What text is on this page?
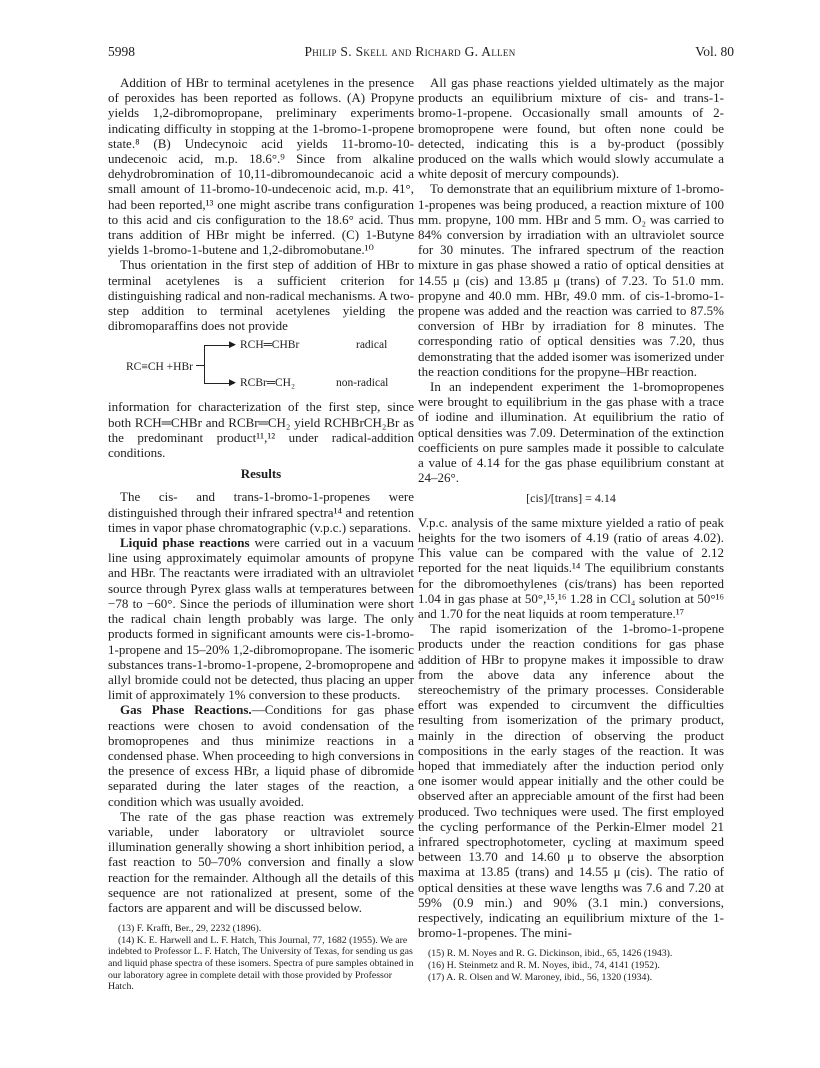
5998	Philip S. Skell and Richard G. Allen	Vol. 80

Addition of HBr to terminal acetylenes in the presence of peroxides has been reported as follows. (A) Propyne yields 1,2-dibromopropane, preliminary experiments indicating difficulty in stopping at the 1-bromo-1-propene state.⁸ (B) Undecynoic acid yields 11-bromo-10-undecenoic acid, m.p. 18.6°.⁹ Since from alkaline dehydrobromination of 10,11-dibromoundecanoic acid a small amount of 11-bromo-10-undecenoic acid, m.p. 41°, had been reported,¹³ one might ascribe trans configuration to this acid and cis configuration to the 18.6° acid. Thus trans addition of HBr might be inferred. (C) 1-Butyne yields 1-bromo-1-butene and 1,2-dibromobutane.¹⁰

Thus orientation in the first step of addition of HBr to terminal acetylenes is a sufficient criterion for distinguishing radical and non-radical mechanisms. A two-step addition to terminal acetylenes yielding the dibromoparaffins does not provide

RC≡CH +HBr
▶
▶
RCH═CHBr	radical
RCBr═CH₂	non-radical

information for characterization of the first step, since both RCH═CHBr and RCBr═CH₂ yield RCHBrCH₂Br as the predominant product¹¹,¹² under radical-addition conditions.

Results

The cis- and trans-1-bromo-1-propenes were distinguished through their infrared spectra¹⁴ and retention times in vapor phase chromatographic (v.p.c.) separations.

Liquid phase reactions were carried out in a vacuum line using approximately equimolar amounts of propyne and HBr. The reactants were irradiated with an ultraviolet source through Pyrex glass walls at temperatures between −78 to −60°. Since the periods of illumination were short the radical chain length probably was large. The only products formed in significant amounts were cis-1-bromo-1-propene and 15–20% 1,2-dibromopropane. The isomeric substances trans-1-bromo-1-propene, 2-bromopropene and allyl bromide could not be detected, thus placing an upper limit of approximately 1% conversion to these products.

Gas Phase Reactions.—Conditions for gas phase reactions were chosen to avoid condensation of the bromopropenes and thus minimize reactions in a condensed phase. When proceeding to high conversions in the presence of excess HBr, a liquid phase of dibromide separated during the later stages of the reaction, a condition which was usually avoided.

The rate of the gas phase reaction was extremely variable, under laboratory or ultraviolet source illumination generally showing a short inhibition period, a fast reaction to 50–70% conversion and finally a slow reaction for the remainder. Although all the details of this sequence are not rationalized at present, some of the factors are apparent and will be discussed below.

(13) F. Krafft, Ber., 29, 2232 (1896).

(14) K. E. Harwell and L. F. Hatch, This Journal, 77, 1682 (1955). We are indebted to Professor L. F. Hatch, The University of Texas, for sending us gas and liquid phase spectra of these isomers. Spectra of pure samples obtained in our laboratory agree in complete detail with those provided by Professor Hatch.

All gas phase reactions yielded ultimately as the major products an equilibrium mixture of cis- and trans-1-bromo-1-propene. Occasionally small amounts of 2-bromopropene were found, but often none could be detected, indicating this is a by-product (possibly produced on the walls which would slowly accumulate a white deposit of mercury compounds).

To demonstrate that an equilibrium mixture of 1-bromo-1-propenes was being produced, a reaction mixture of 100 mm. propyne, 100 mm. HBr and 5 mm. O₂ was carried to 84% conversion by irradiation with an ultraviolet source for 30 minutes. The infrared spectrum of the reaction mixture in gas phase showed a ratio of optical densities at 14.55 μ (cis) and 13.85 μ (trans) of 7.23. To 51.0 mm. propyne and 40.0 mm. HBr, 49.0 mm. of cis-1-bromo-1-propene was added and the reaction was carried to 87.5% conversion of HBr by irradiation for 8 minutes. The corresponding ratio of optical densities was 7.20, thus demonstrating that the added isomer was isomerized under the reaction conditions for the propyne–HBr reaction.

In an independent experiment the 1-bromopropenes were brought to equilibrium in the gas phase with a trace of iodine and illumination. At equilibrium the ratio of optical densities was 7.09. Determination of the extinction coefficients on pure samples made it possible to calculate a value of 4.14 for the gas phase equilibrium constant at 24–26°.

[cis]/[trans] = 4.14

V.p.c. analysis of the same mixture yielded a ratio of peak heights for the two isomers of 4.19 (ratio of areas 4.02). This value can be compared with the value of 2.12 reported for the neat liquids.¹⁴ The equilibrium constants for the dibromoethylenes (cis/trans) has been reported 1.04 in gas phase at 50°,¹⁵,¹⁶ 1.28 in CCl₄ solution at 50°¹⁶ and 1.70 for the neat liquids at room temperature.¹⁷

The rapid isomerization of the 1-bromo-1-propene products under the reaction conditions for gas phase addition of HBr to propyne makes it impossible to draw from the above data any inference about the stereochemistry of the primary processes. Considerable effort was expended to circumvent the difficulties resulting from isomerization of the primary product, mainly in the direction of observing the product compositions in the early stages of the reaction. It was hoped that immediately after the induction period only one isomer would appear initially and the other could be observed after an appreciable amount of the first had been produced. Two techniques were used. The first employed the cycling performance of the Perkin-Elmer model 21 infrared spectrophotometer, cycling at maximum speed between 13.70 and 14.60 μ to observe the absorption maxima at 13.85 (trans) and 14.55 μ (cis). The ratio of optical densities at these wave lengths was 7.6 and 7.20 at 59% (0.9 min.) and 90% (3.1 min.) conversions, respectively, indicating an equilibrium mixture of the 1-bromo-1-propenes. The mini-

(15) R. M. Noyes and R. G. Dickinson, ibid., 65, 1426 (1943).

(16) H. Steinmetz and R. M. Noyes, ibid., 74, 4141 (1952).

(17) A. R. Olsen and W. Maroney, ibid., 56, 1320 (1934).
